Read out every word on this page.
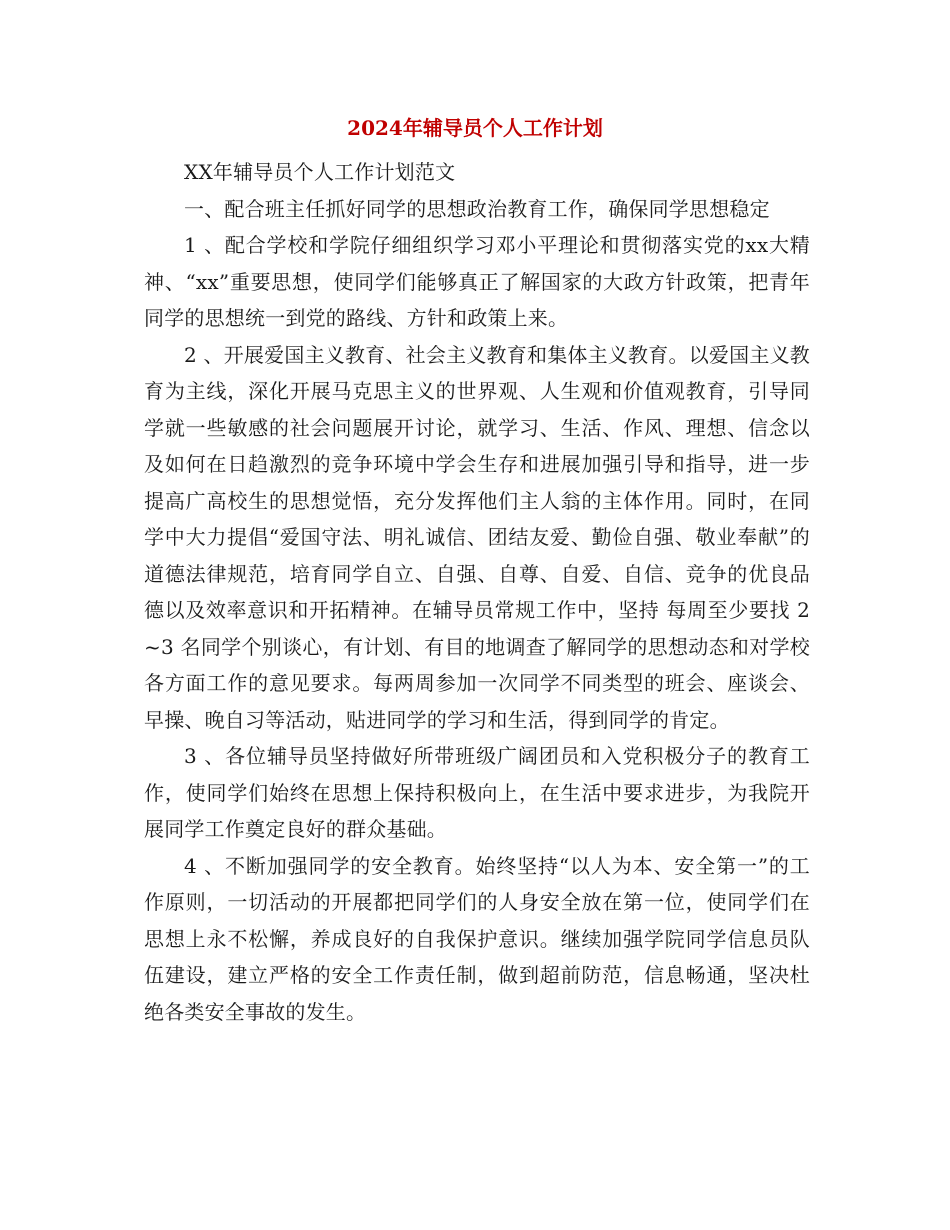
2024年辅导员个人工作计划

XX年辅导员个人工作计划范文

一、配合班主任抓好同学的思想政治教育工作，确保同学思想稳定

1 、配合学校和学院仔细组织学习邓小平理论和贯彻落实党的xx大精神、“xx”重要思想，使同学们能够真正了解国家的大政方针政策，把青年同学的思想统一到党的路线、方针和政策上来。

2 、开展爱国主义教育、社会主义教育和集体主义教育。以爱国主义教育为主线，深化开展马克思主义的世界观、人生观和价值观教育，引导同学就一些敏感的社会问题展开讨论，就学习、生活、作风、理想、信念以及如何在日趋激烈的竞争环境中学会生存和进展加强引导和指导，进一步提高广高校生的思想觉悟，充分发挥他们主人翁的主体作用。同时，在同学中大力提倡“爱国守法、明礼诚信、团结友爱、勤俭自强、敬业奉献”的道德法律规范，培育同学自立、自强、自尊、自爱、自信、竞争的优良品德以及效率意识和开拓精神。在辅导员常规工作中，坚持 每周至少要找 2~3 名同学个别谈心，有计划、有目的地调查了解同学的思想动态和对学校各方面工作的意见要求。每两周参加一次同学不同类型的班会、座谈会、早操、晚自习等活动，贴进同学的学习和生活，得到同学的肯定。

3 、各位辅导员坚持做好所带班级广阔团员和入党积极分子的教育工作，使同学们始终在思想上保持积极向上，在生活中要求进步，为我院开展同学工作奠定良好的群众基础。

4 、不断加强同学的安全教育。始终坚持“以人为本、安全第一”的工作原则，一切活动的开展都把同学们的人身安全放在第一位，使同学们在思想上永不松懈，养成良好的自我保护意识。继续加强学院同学信息员队伍建设，建立严格的安全工作责任制，做到超前防范，信息畅通，坚决杜绝各类安全事故的发生。
